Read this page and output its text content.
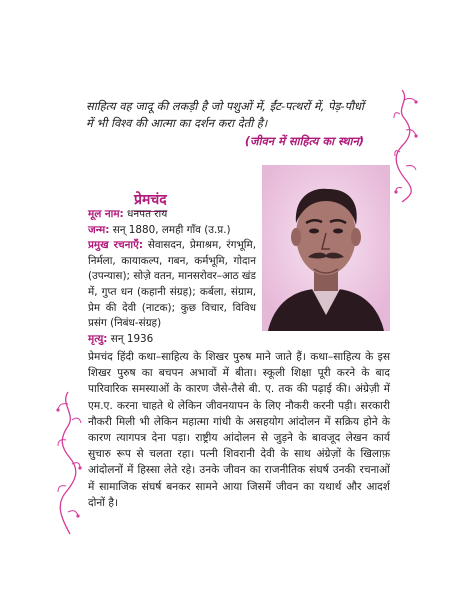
साहित्य वह जादू की लकड़ी है जो पशुओं में, ईंट-पत्थरों में, पेड़-पौधों में भी विश्व की आत्मा का दर्शन करा देती है।

(जीवन में साहित्य का स्थान)

प्रेमचंद

मूल नाम: धनपत राय

जन्म: सन् 1880, लमही गाँव (उ.प्र.)

प्रमुख रचनाएँ: सेवासदन, प्रेमाश्रम, रंगभूमि, निर्मला, कायाकल्प, गबन, कर्मभूमि, गोदान (उपन्यास); सोज़े वतन, मानसरोवर–आठ खंड में, गुप्त धन (कहानी संग्रह); कर्बला, संग्राम, प्रेम की देवी (नाटक); कुछ विचार, विविध प्रसंग (निबंध-संग्रह)

मृत्यु: सन् 1936

प्रेमचंद हिंदी कथा–साहित्य के शिखर पुरुष माने जाते हैं। कथा–साहित्य के इस शिखर पुरुष का बचपन अभावों में बीता। स्कूली शिक्षा पूरी करने के बाद पारिवारिक समस्याओं के कारण जैसे-तैसे बी. ए. तक की पढ़ाई की। अंग्रेज़ी में एम.ए. करना चाहते थे लेकिन जीवनयापन के लिए नौकरी करनी पड़ी। सरकारी नौकरी मिली भी लेकिन महात्मा गांधी के असहयोग आंदोलन में सक्रिय होने के कारण त्यागपत्र देना पड़ा। राष्ट्रीय आंदोलन से जुड़ने के बावजूद लेखन कार्य सुचारु रूप से चलता रहा। पत्नी शिवरानी देवी के साथ अंग्रेज़ों के खिलाफ़ आंदोलनों में हिस्सा लेते रहे। उनके जीवन का राजनीतिक संघर्ष उनकी रचनाओं में सामाजिक संघर्ष बनकर सामने आया जिसमें जीवन का यथार्थ और आदर्श दोनों है।
